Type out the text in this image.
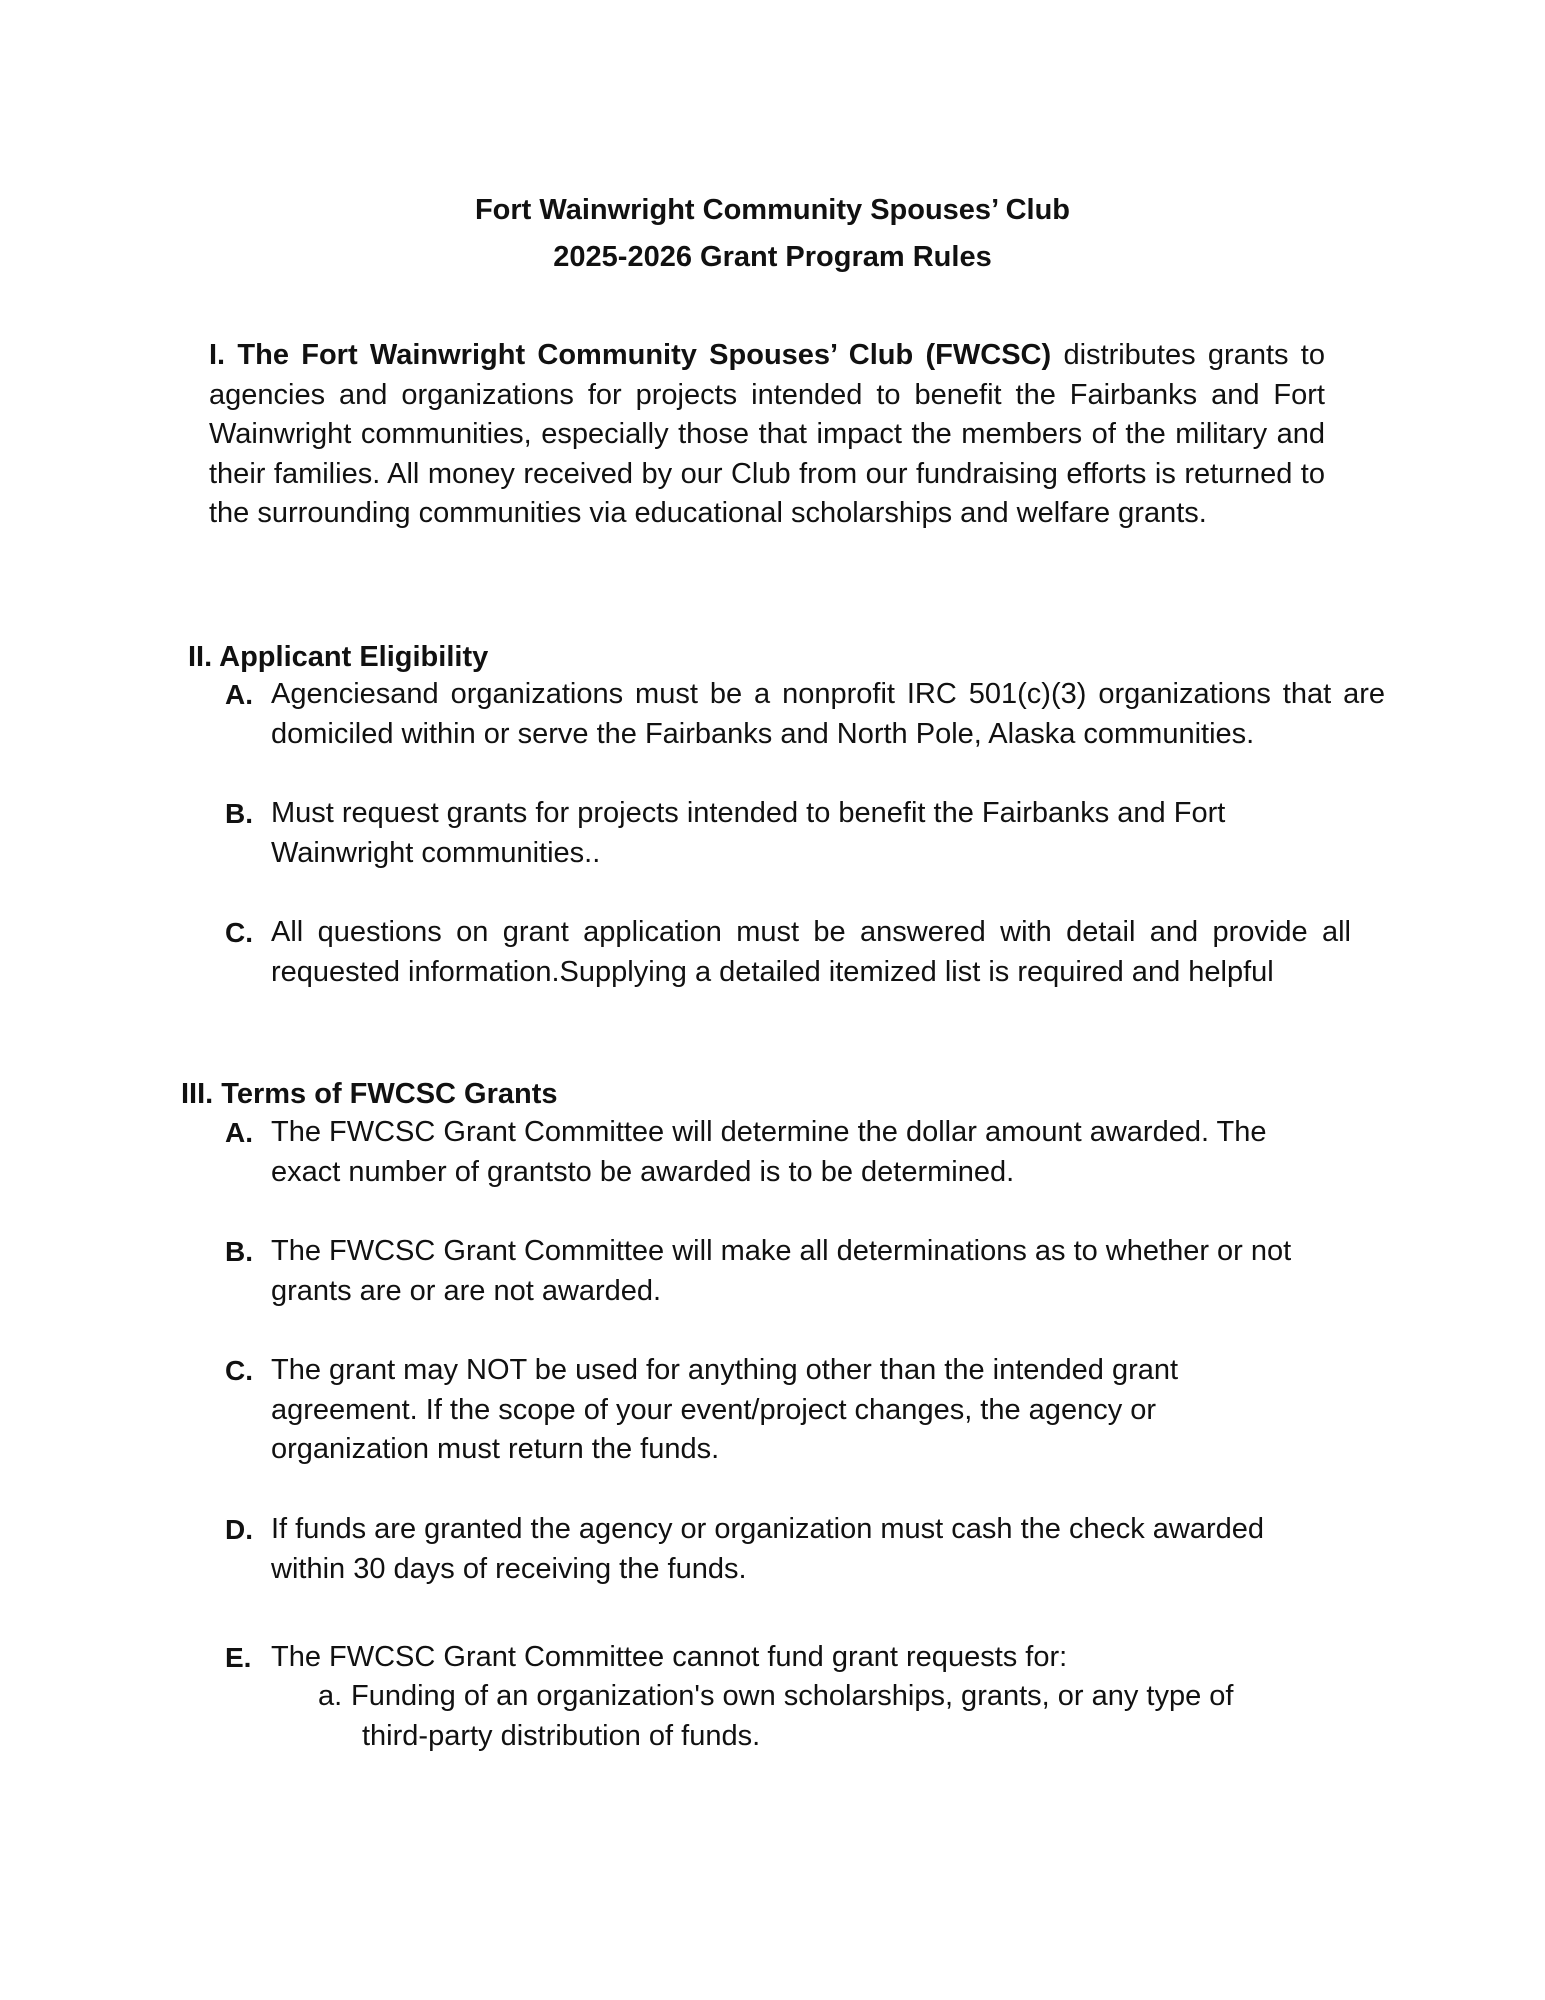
Fort Wainwright Community Spouses’ Club
2025-2026 Grant Program Rules

I. The Fort Wainwright Community Spouses’ Club (FWCSC) distributes grants to agencies and organizations for projects intended to benefit the Fairbanks and Fort Wainwright communities, especially those that impact the members of the military and their families. All money received by our Club from our fundraising efforts is returned to the surrounding communities via educational scholarships and welfare grants.

II. Applicant Eligibility
A. Agenciesand organizations must be a nonprofit IRC 501(c)(3) organizations that are domiciled within or serve the Fairbanks and North Pole, Alaska communities.

B. Must request grants for projects intended to benefit the Fairbanks and Fort Wainwright communities..

C. All questions on grant application must be answered with detail and provide all requested information.Supplying a detailed itemized list is required and helpful

III. Terms of FWCSC Grants
A. The FWCSC Grant Committee will determine the dollar amount awarded. The exact number of grantsto be awarded is to be determined.

B. The FWCSC Grant Committee will make all determinations as to whether or not grants are or are not awarded.

C. The grant may NOT be used for anything other than the intended grant agreement. If the scope of your event/project changes, the agency or organization must return the funds.

D. If funds are granted the agency or organization must cash the check awarded within 30 days of receiving the funds.

E. The FWCSC Grant Committee cannot fund grant requests for:

a. Funding of an organization's own scholarships, grants, or any type of
third-party distribution of funds.
